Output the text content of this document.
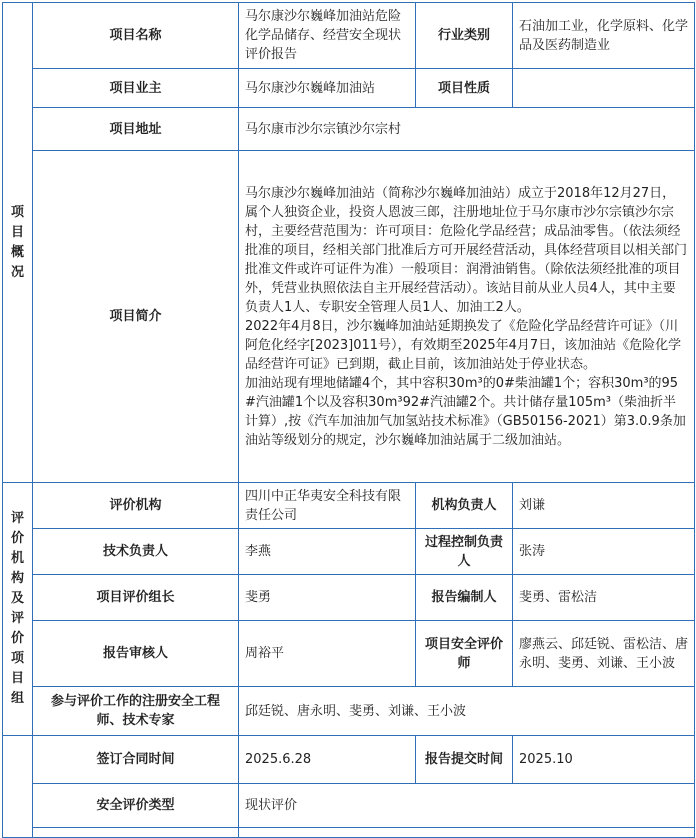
项目概况	项目名称	马尔康沙尔巍峰加油站危险化学品储存、经营安全现状评价报告	行业类别	石油加工业，化学原料、化学品及医药制造业
	项目业主	马尔康沙尔巍峰加油站	项目性质	
	项目地址	马尔康市沙尔宗镇沙尔宗村		
	项目简介	马尔康沙尔巍峰加油站（简称沙尔巍峰加油站）成立于2018年12月27日，属个人独资企业，投资人恩波三郎，注册地址位于马尔康市沙尔宗镇沙尔宗村，主要经营范围为：许可项目：危险化学品经营；成品油零售。（依法须经批准的项目，经相关部门批准后方可开展经营活动，具体经营项目以相关部门批准文件或许可证件为准）一般项目：润滑油销售。（除依法须经批准的项目外，凭营业执照依法自主开展经营活动）。该站目前从业人员4人，其中主要负责人1人、专职安全管理人员1人、加油工2人。
2022年4月8日，沙尔巍峰加油站延期换发了《危险化学品经营许可证》（川阿危化经字[2023]011号），有效期至2025年4月7日，该加油站《危险化学品经营许可证》已到期，截止目前，该加油站处于停业状态。
加油站现有埋地储罐4个，其中容积30m³的0#柴油罐1个；容积30m³的95#汽油罐1个以及容积30m³92#汽油罐2个。共计储存量105m³（柴油折半计算）,按《汽车加油加气加氢站技术标准》（GB50156-2021）第3.0.9条加油站等级划分的规定，沙尔巍峰加油站属于二级加油站。		

评价机构及评价项目组	评价机构	四川中正华夷安全科技有限责任公司	机构负责人	刘谦
	技术负责人	李燕	过程控制负责人	张涛
	项目评价组长	斐勇	报告编制人	斐勇、雷松洁
	报告审核人	周裕平	项目安全评价师	廖燕云、邱廷锐、雷松洁、唐永明、斐勇、刘谦、王小波
	参与评价工作的注册安全工程师、技术专家	邱廷锐、唐永明、斐勇、刘谦、王小波		

	签订合同时间	2025.6.28	报告提交时间	2025.10
	安全评价类型	现状评价		
